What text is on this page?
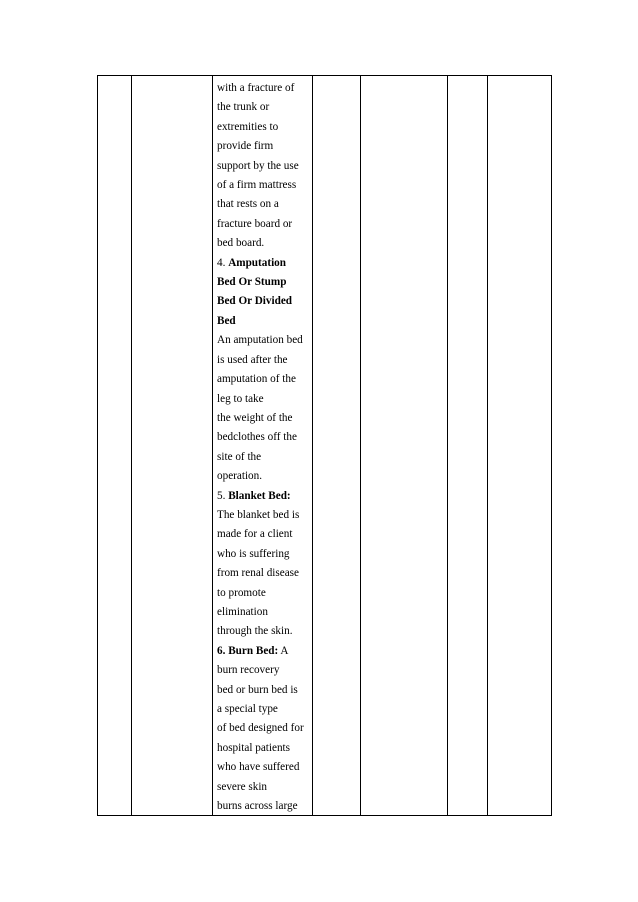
with a fracture of
the trunk or
extremities to
provide firm
support by the use
of a firm mattress
that rests on a
fracture board or
bed board.
4. Amputation
Bed Or Stump
Bed Or Divided
Bed
An amputation bed
is used after the
amputation of the
leg to take
the weight of the
bedclothes off the
site of the
operation.
5. Blanket Bed:
The blanket bed is
made for a client
who is suffering
from renal disease
to promote
elimination
through the skin.
6. Burn Bed: A
burn recovery
bed or burn bed is
a special type
of bed designed for
hospital patients
who have suffered
severe skin
burns across large
